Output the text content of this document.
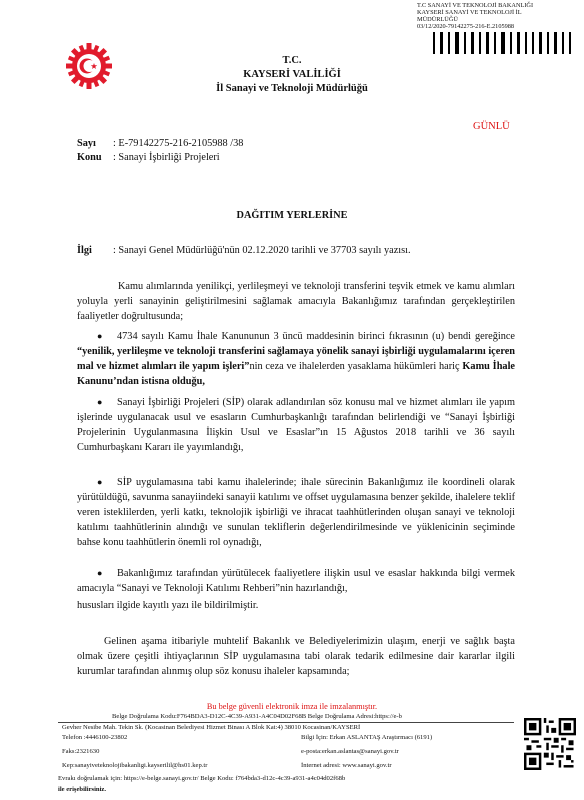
T.C SANAYİ VE TEKNOLOJİ BAKANLIĞI
KAYSERİ SANAYİ VE TEKNOLOJİ İL
MÜDÜRLÜĞÜ
03/12/2020-79142275-216-E.2105988
T.C.
KAYSERİ VALİLİĞİ
İl Sanayi ve Teknoloji Müdürlüğü
GÜNLÜ
Sayı : E-79142275-216-2105988 /38
Konu : Sanayi İşbirliği Projeleri
DAĞITIM YERLERİNE
İlgi : Sanayi Genel Müdürlüğü'nün 02.12.2020 tarihli ve 37703 sayılı yazısı.
Kamu alımlarında yenilikçi, yerlileşmeyi ve teknoloji transferini teşvik etmek ve kamu alımları yoluyla yerli sanayinin geliştirilmesini sağlamak amacıyla Bakanlığımız tarafından gerçekleştirilen faaliyetler doğrultusunda;
●	4734 sayılı Kamu İhale Kanununun 3 üncü maddesinin birinci fıkrasının (u) bendi gereğince “yenilik, yerlileşme ve teknoloji transferini sağlamaya yönelik sanayi işbirliği uygulamalarını içeren mal ve hizmet alımları ile yapım işleri”nin ceza ve ihalelerden yasaklama hükümleri hariç Kamu İhale Kanunu’ndan istisna olduğu,
●	Sanayi İşbirliği Projeleri (SİP) olarak adlandırılan söz konusu mal ve hizmet alımları ile yapım işlerinde uygulanacak usul ve esasların Cumhurbaşkanlığı tarafından belirlendiği ve “Sanayi İşbirliği Projelerinin Uygulanmasına İlişkin Usul ve Esaslar”ın 15 Ağustos 2018 tarihli ve 36 sayılı Cumhurbaşkanı Kararı ile yayımlandığı,
●	SİP uygulamasına tabi kamu ihalelerinde; ihale sürecinin Bakanlığımız ile koordineli olarak yürütüldüğü, savunma sanayiindeki sanayii katılımı ve offset uygulamasına benzer şekilde, ihalelere teklif veren isteklilerden, yerli katkı, teknolojik işbirliği ve ihracat taahhütlerinden oluşan sanayi ve teknoloji katılımı taahhütlerinin alındığı ve sunulan tekliflerin değerlendirilmesinde ve yüklenicinin seçiminde bahse konu taahhütlerin önemli rol oynadığı,
●	Bakanlığımız tarafından yürütülecek faaliyetlere ilişkin usul ve esaslar hakkında bilgi vermek amacıyla “Sanayi ve Teknoloji Katılımı Rehberi”nin hazırlandığı,
hususları ilgide kayıtlı yazı ile bildirilmiştir.
Gelinen aşama itibariyle muhtelif Bakanlık ve Belediyelerimizin ulaşım, enerji ve sağlık başta olmak üzere çeşitli ihtiyaçlarının SİP uygulamasına tabi olarak tedarik edilmesine dair kararlar ilgili kurumlar tarafından alınmış olup söz konusu ihaleler kapsamında;
Bu belge güvenli elektronik imza ile imzalanmıştır.
Belge Doğrulama Kodu:F764BDA3-D12C-4C39-A931-A4C04D02F68B Belge Doğrulama Adresi:https://e-b
Gevher Nesibe Mah. Tekin Sk. (Kocasinan Belediyesi Hizmet Binası A Blok Kat:4) 38010 Kocasinan/KAYSERİ
Telefon :4446100-23802	Bilgi İçin: Erkan ASLANTAŞ Araştırmacı (6191)
Faks:2321630	e-posta:erkan.aslantas@sanayi.gov.tr
Kep:sanayiveteknolojibakanligi.kayserilil@hs01.kep.tr	İnternet adresi: www.sanayi.gov.tr
Evrakı doğrulamak için: https://e-belge.sanayi.gov.tr/ Belge Kodu: f764bda3-d12c-4c39-a931-a4c04d02f68b
ile erişebilirsiniz.
